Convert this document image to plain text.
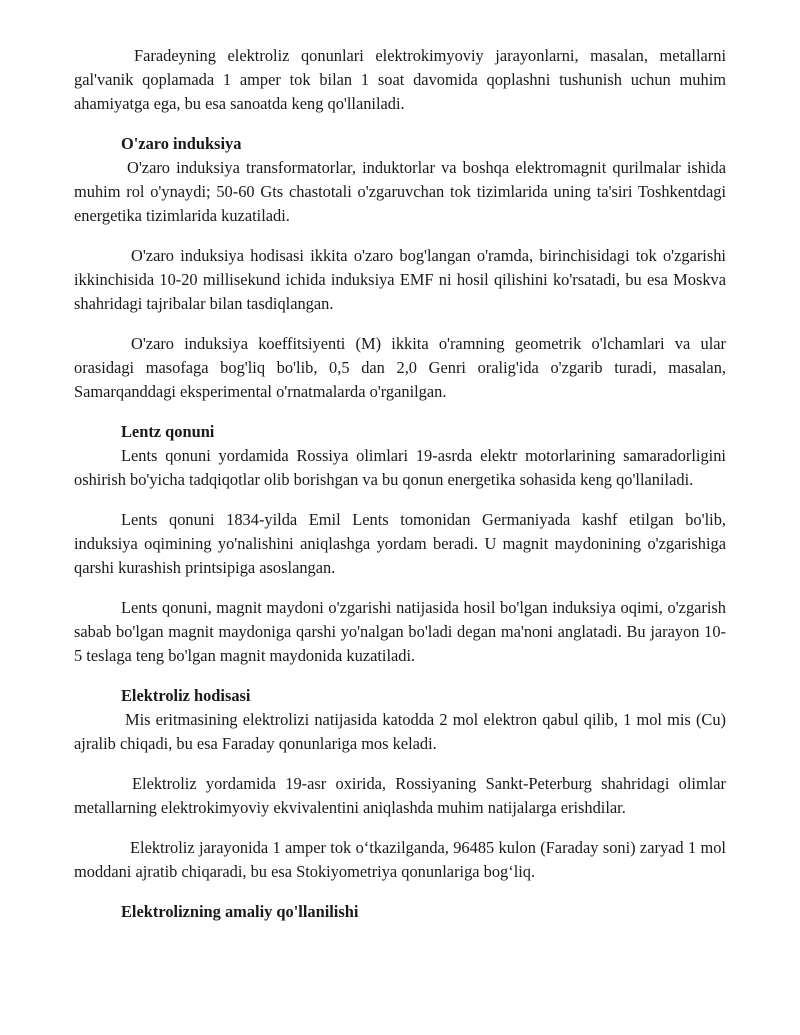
Faradeyning elektroliz qonunlari elektrokimyoviy jarayonlarni, masalan, metallarni gal'vanik qoplamada 1 amper tok bilan 1 soat davomida qoplashni tushunish uchun muhim ahamiyatga ega, bu esa sanoatda keng qo'llaniladi.

O'zaro induksiya

O'zaro induksiya transformatorlar, induktorlar va boshqa elektromagnit qurilmalar ishida muhim rol o'ynaydi; 50-60 Gts chastotali o'zgaruvchan tok tizimlarida uning ta'siri Toshkentdagi energetika tizimlarida kuzatiladi.

O'zaro induksiya hodisasi ikkita o'zaro bog'langan o'ramda, birinchisidagi tok o'zgarishi ikkinchisida 10-20 millisekund ichida induksiya EMF ni hosil qilishini ko'rsatadi, bu esa Moskva shahridagi tajribalar bilan tasdiqlangan.

O'zaro induksiya koeffitsiyenti (M) ikkita o'ramning geometrik o'lchamlari va ular orasidagi masofaga bog'liq bo'lib, 0,5 dan 2,0 Genri oralig'ida o'zgarib turadi, masalan, Samarqanddagi eksperimental o'rnatmalarda o'rganilgan.

Lentz qonuni

Lents qonuni yordamida Rossiya olimlari 19-asrda elektr motorlarining samaradorligini oshirish bo'yicha tadqiqotlar olib borishgan va bu qonun energetika sohasida keng qo'llaniladi.

Lents qonuni 1834-yilda Emil Lents tomonidan Germaniyada kashf etilgan bo'lib, induksiya oqimining yo'nalishini aniqlashga yordam beradi. U magnit maydonining o'zgarishiga qarshi kurashish printsipiga asoslangan.

Lents qonuni, magnit maydoni o'zgarishi natijasida hosil bo'lgan induksiya oqimi, o'zgarish sabab bo'lgan magnit maydoniga qarshi yo'nalgan bo'ladi degan ma'noni anglatadi. Bu jarayon 10-5 teslaga teng bo'lgan magnit maydonida kuzatiladi.

Elektroliz hodisasi

Mis eritmasining elektrolizi natijasida katodda 2 mol elektron qabul qilib, 1 mol mis (Cu) ajralib chiqadi, bu esa Faraday qonunlariga mos keladi.

Elektroliz yordamida 19-asr oxirida, Rossiyaning Sankt-Peterburg shahridagi olimlar metallarning elektrokimyoviy ekvivalentini aniqlashda muhim natijalarga erishdilar.

Elektroliz jarayonida 1 amper tok o‘tkazilganda, 96485 kulon (Faraday soni) zaryad 1 mol moddani ajratib chiqaradi, bu esa Stokiyometriya qonunlariga bog‘liq.

Elektrolizning amaliy qo'llanilishi
